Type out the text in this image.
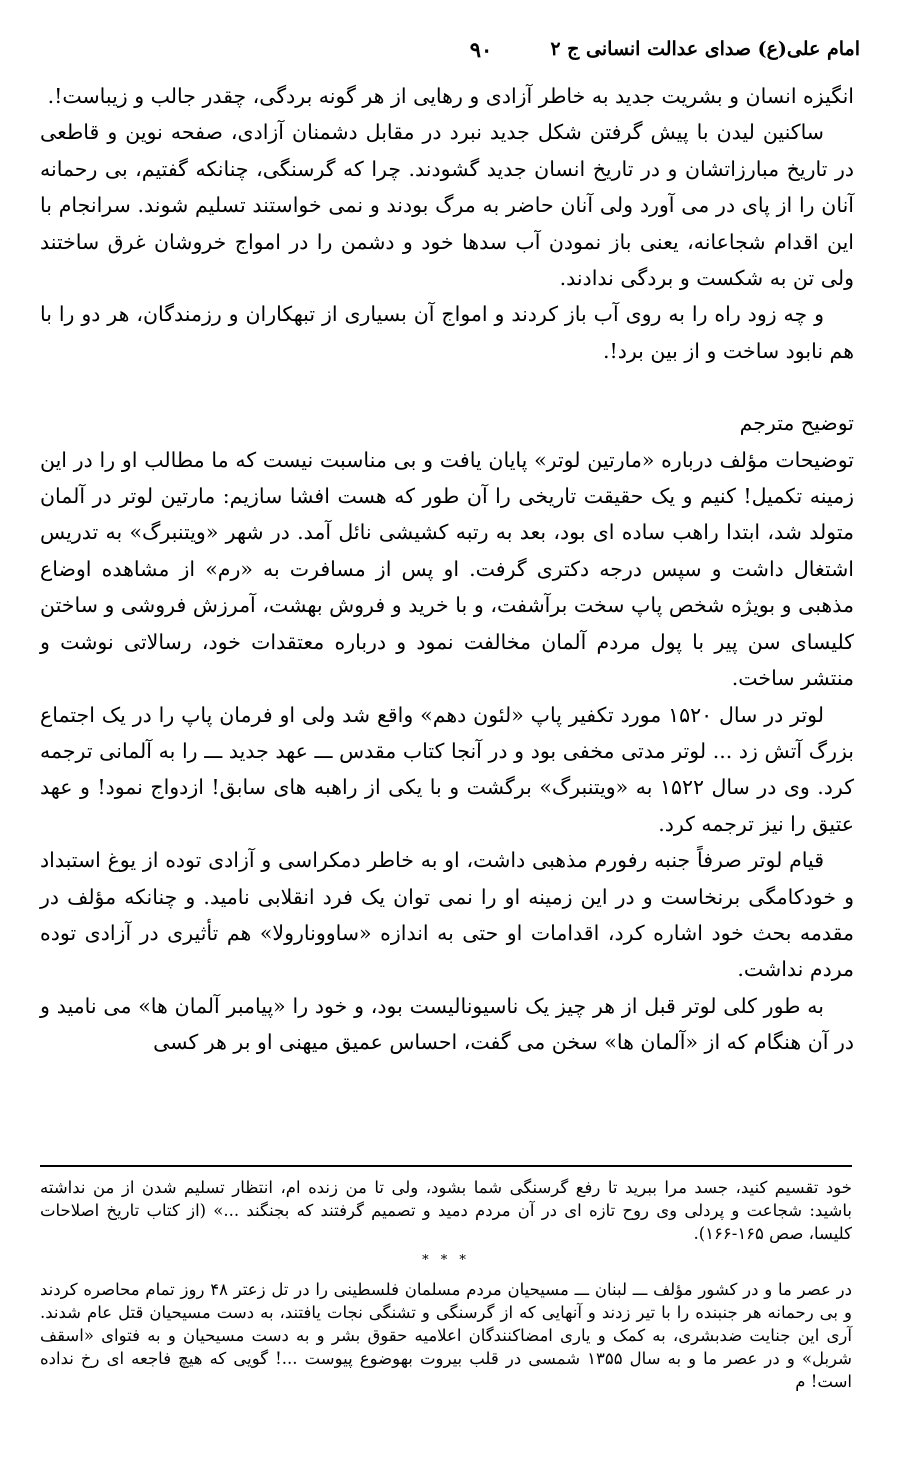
امام علی(ع) صدای عدالت انسانی ج ۲
۹۰

انگیزه انسان و بشریت جدید به خاطر آزادی و رهایی از هر گونه بردگی، چقدر جالب و زیباست!.

ساکنین لیدن با پیش گرفتن شکل جدید نبرد در مقابل دشمنان آزادی، صفحه نوین و قاطعی در تاریخ مبارزاتشان و در تاریخ انسان جدید گشودند. چرا که گرسنگی، چنانکه گفتیم، بی رحمانه آنان را از پای در می آورد ولی آنان حاضر به مرگ بودند و نمی خواستند تسلیم شوند. سرانجام با این اقدام شجاعانه، یعنی باز نمودن آب سدها خود و دشمن را در امواج خروشان غرق ساختند ولی تن به شکست و بردگی ندادند.

و چه زود راه را به روی آب باز کردند و امواج آن بسیاری از تبهکاران و رزمندگان، هر دو را با هم نابود ساخت و از بین برد!.

توضیح مترجم

توضیحات مؤلف درباره «مارتین لوتر» پایان یافت و بی مناسبت نیست که ما مطالب او را در این زمینه تکمیل! کنیم و یک حقیقت تاریخی را آن طور که هست افشا سازیم: مارتین لوتر در آلمان متولد شد، ابتدا راهب ساده ای بود، بعد به رتبه کشیشی نائل آمد. در شهر «ویتنبرگ» به تدریس اشتغال داشت و سپس درجه دکتری گرفت. او پس از مسافرت به «رم» از مشاهده اوضاع مذهبی و بویژه شخص پاپ سخت برآشفت، و با خرید و فروش بهشت، آمرزش فروشی و ساختن کلیسای سن پیر با پول مردم آلمان مخالفت نمود و درباره معتقدات خود، رسالاتی نوشت و منتشر ساخت.

لوتر در سال ۱۵۲۰ مورد تکفیر پاپ «لئون دهم» واقع شد ولی او فرمان پاپ را در یک اجتماع بزرگ آتش زد ... لوتر مدتی مخفی بود و در آنجا کتاب مقدس ـــ عهد جدید ـــ را به آلمانی ترجمه کرد. وی در سال ۱۵۲۲ به «ویتنبرگ» برگشت و با یکی از راهبه های سابق! ازدواج نمود! و عهد عتیق را نیز ترجمه کرد.

قیام لوتر صرفاً جنبه رفورم مذهبی داشت، او به خاطر دمکراسی و آزادی توده از یوغ استبداد و خودکامگی برنخاست و در این زمینه او را نمی توان یک فرد انقلابی نامید. و چنانکه مؤلف در مقدمه بحث خود اشاره کرد، اقدامات او حتی به اندازه «ساوونارولا» هم تأثیری در آزادی توده مردم نداشت.

به طور کلی لوتر قبل از هر چیز یک ناسیونالیست بود، و خود را «پیامبر آلمان ها» می نامید و در آن هنگام که از «آلمان ها» سخن می گفت، احساس عمیق میهنی او بر هر کسی

خود تقسیم کنید، جسد مرا ببرید تا رفع گرسنگی شما بشود، ولی تا من زنده ام، انتظار تسلیم شدن از من نداشته باشید: شجاعت و پردلی وی روح تازه ای در آن مردم دمید و تصمیم گرفتند که بجنگند ...» (از کتاب تاریخ اصلاحات کلیسا، صص ۱۶۵-۱۶۶).

* * *

در عصر ما و در کشور مؤلف ـــ لبنان ـــ مسیحیان مردم مسلمان فلسطینی را در تل زعتر ۴۸ روز تمام محاصره کردند و بی رحمانه هر جنبنده را با تیر زدند و آنهایی که از گرسنگی و تشنگی نجات یافتند، به دست مسیحیان قتل عام شدند. آری این جنایت ضدبشری، به کمک و یاری امضاکنندگان اعلامیه حقوق بشر و به دست مسیحیان و به فتوای «اسقف شربل» و در عصر ما و به سال ۱۳۵۵ شمسی در قلب بیروت بهوضوع پیوست ...! گویی که هیچ فاجعه ای رخ نداده است! م
